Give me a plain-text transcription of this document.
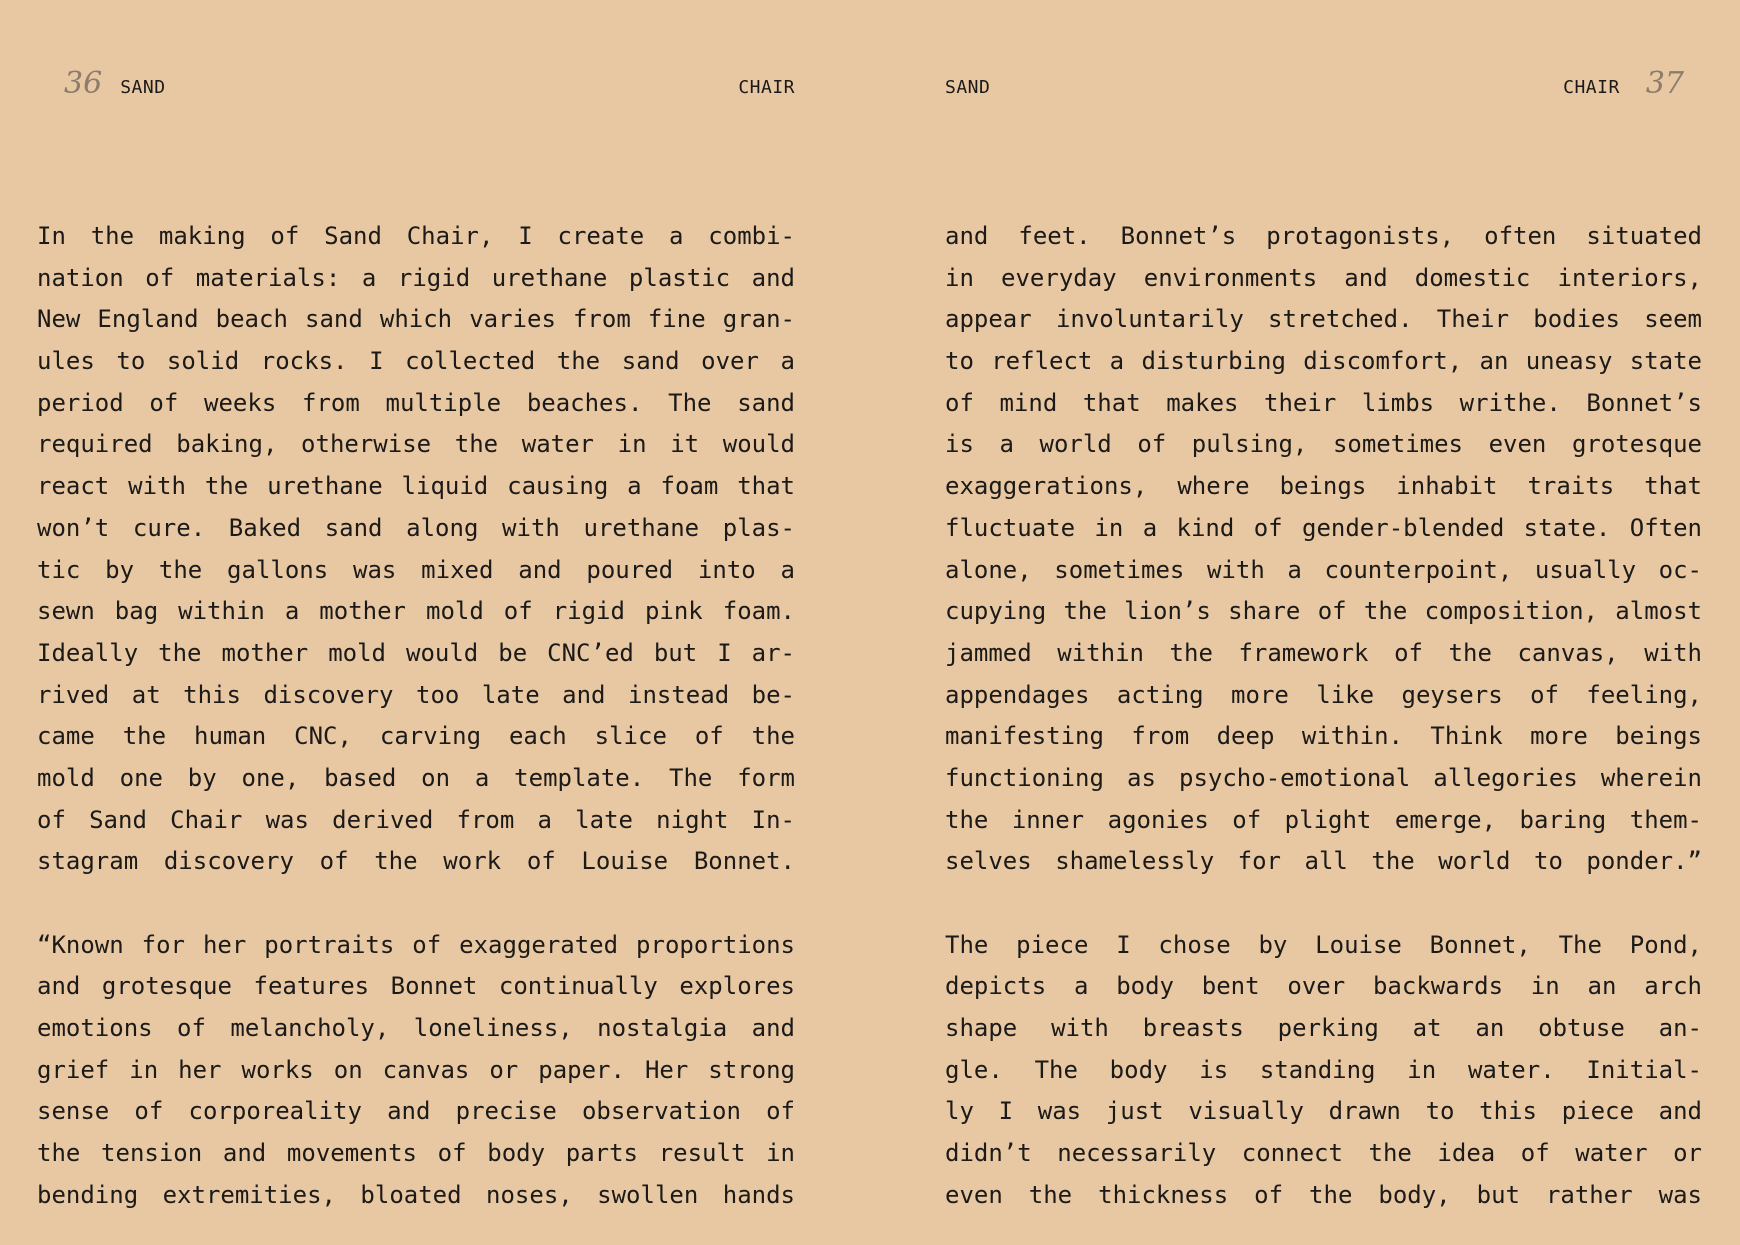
36 SAND	CHAIR
In the making of Sand Chair, I create a combi-
nation of materials: a rigid urethane plastic and
New England beach sand which varies from fine gran-
ules to solid rocks. I collected the sand over a
period of weeks from multiple beaches. The sand
required baking, otherwise the water in it would
react with the urethane liquid causing a foam that
won’t cure. Baked sand along with urethane plas-
tic by the gallons was mixed and poured into a
sewn bag within a mother mold of rigid pink foam.
Ideally the mother mold would be CNC’ed but I ar-
rived at this discovery too late and instead be-
came the human CNC, carving each slice of the
mold one by one, based on a template. The form
of Sand Chair was derived from a late night In-
stagram discovery of the work of Louise Bonnet.
“Known for her portraits of exaggerated proportions
and grotesque features Bonnet continually explores
emotions of melancholy, loneliness, nostalgia and
grief in her works on canvas or paper. Her strong
sense of corporeality and precise observation of
the tension and movements of body parts result in
bending extremities, bloated noses, swollen hands
SAND	CHAIR 37
and feet. Bonnet’s protagonists, often situated
in everyday environments and domestic interiors,
appear involuntarily stretched. Their bodies seem
to reflect a disturbing discomfort, an uneasy state
of mind that makes their limbs writhe. Bonnet’s
is a world of pulsing, sometimes even grotesque
exaggerations, where beings inhabit traits that
fluctuate in a kind of gender-blended state. Often
alone, sometimes with a counterpoint, usually oc-
cupying the lion’s share of the composition, almost
jammed within the framework of the canvas, with
appendages acting more like geysers of feeling,
manifesting from deep within. Think more beings
functioning as psycho-emotional allegories wherein
the inner agonies of plight emerge, baring them-
selves shamelessly for all the world to ponder.”
The piece I chose by Louise Bonnet, The Pond,
depicts a body bent over backwards in an arch
shape with breasts perking at an obtuse an-
gle. The body is standing in water. Initial-
ly I was just visually drawn to this piece and
didn’t necessarily connect the idea of water or
even the thickness of the body, but rather was
